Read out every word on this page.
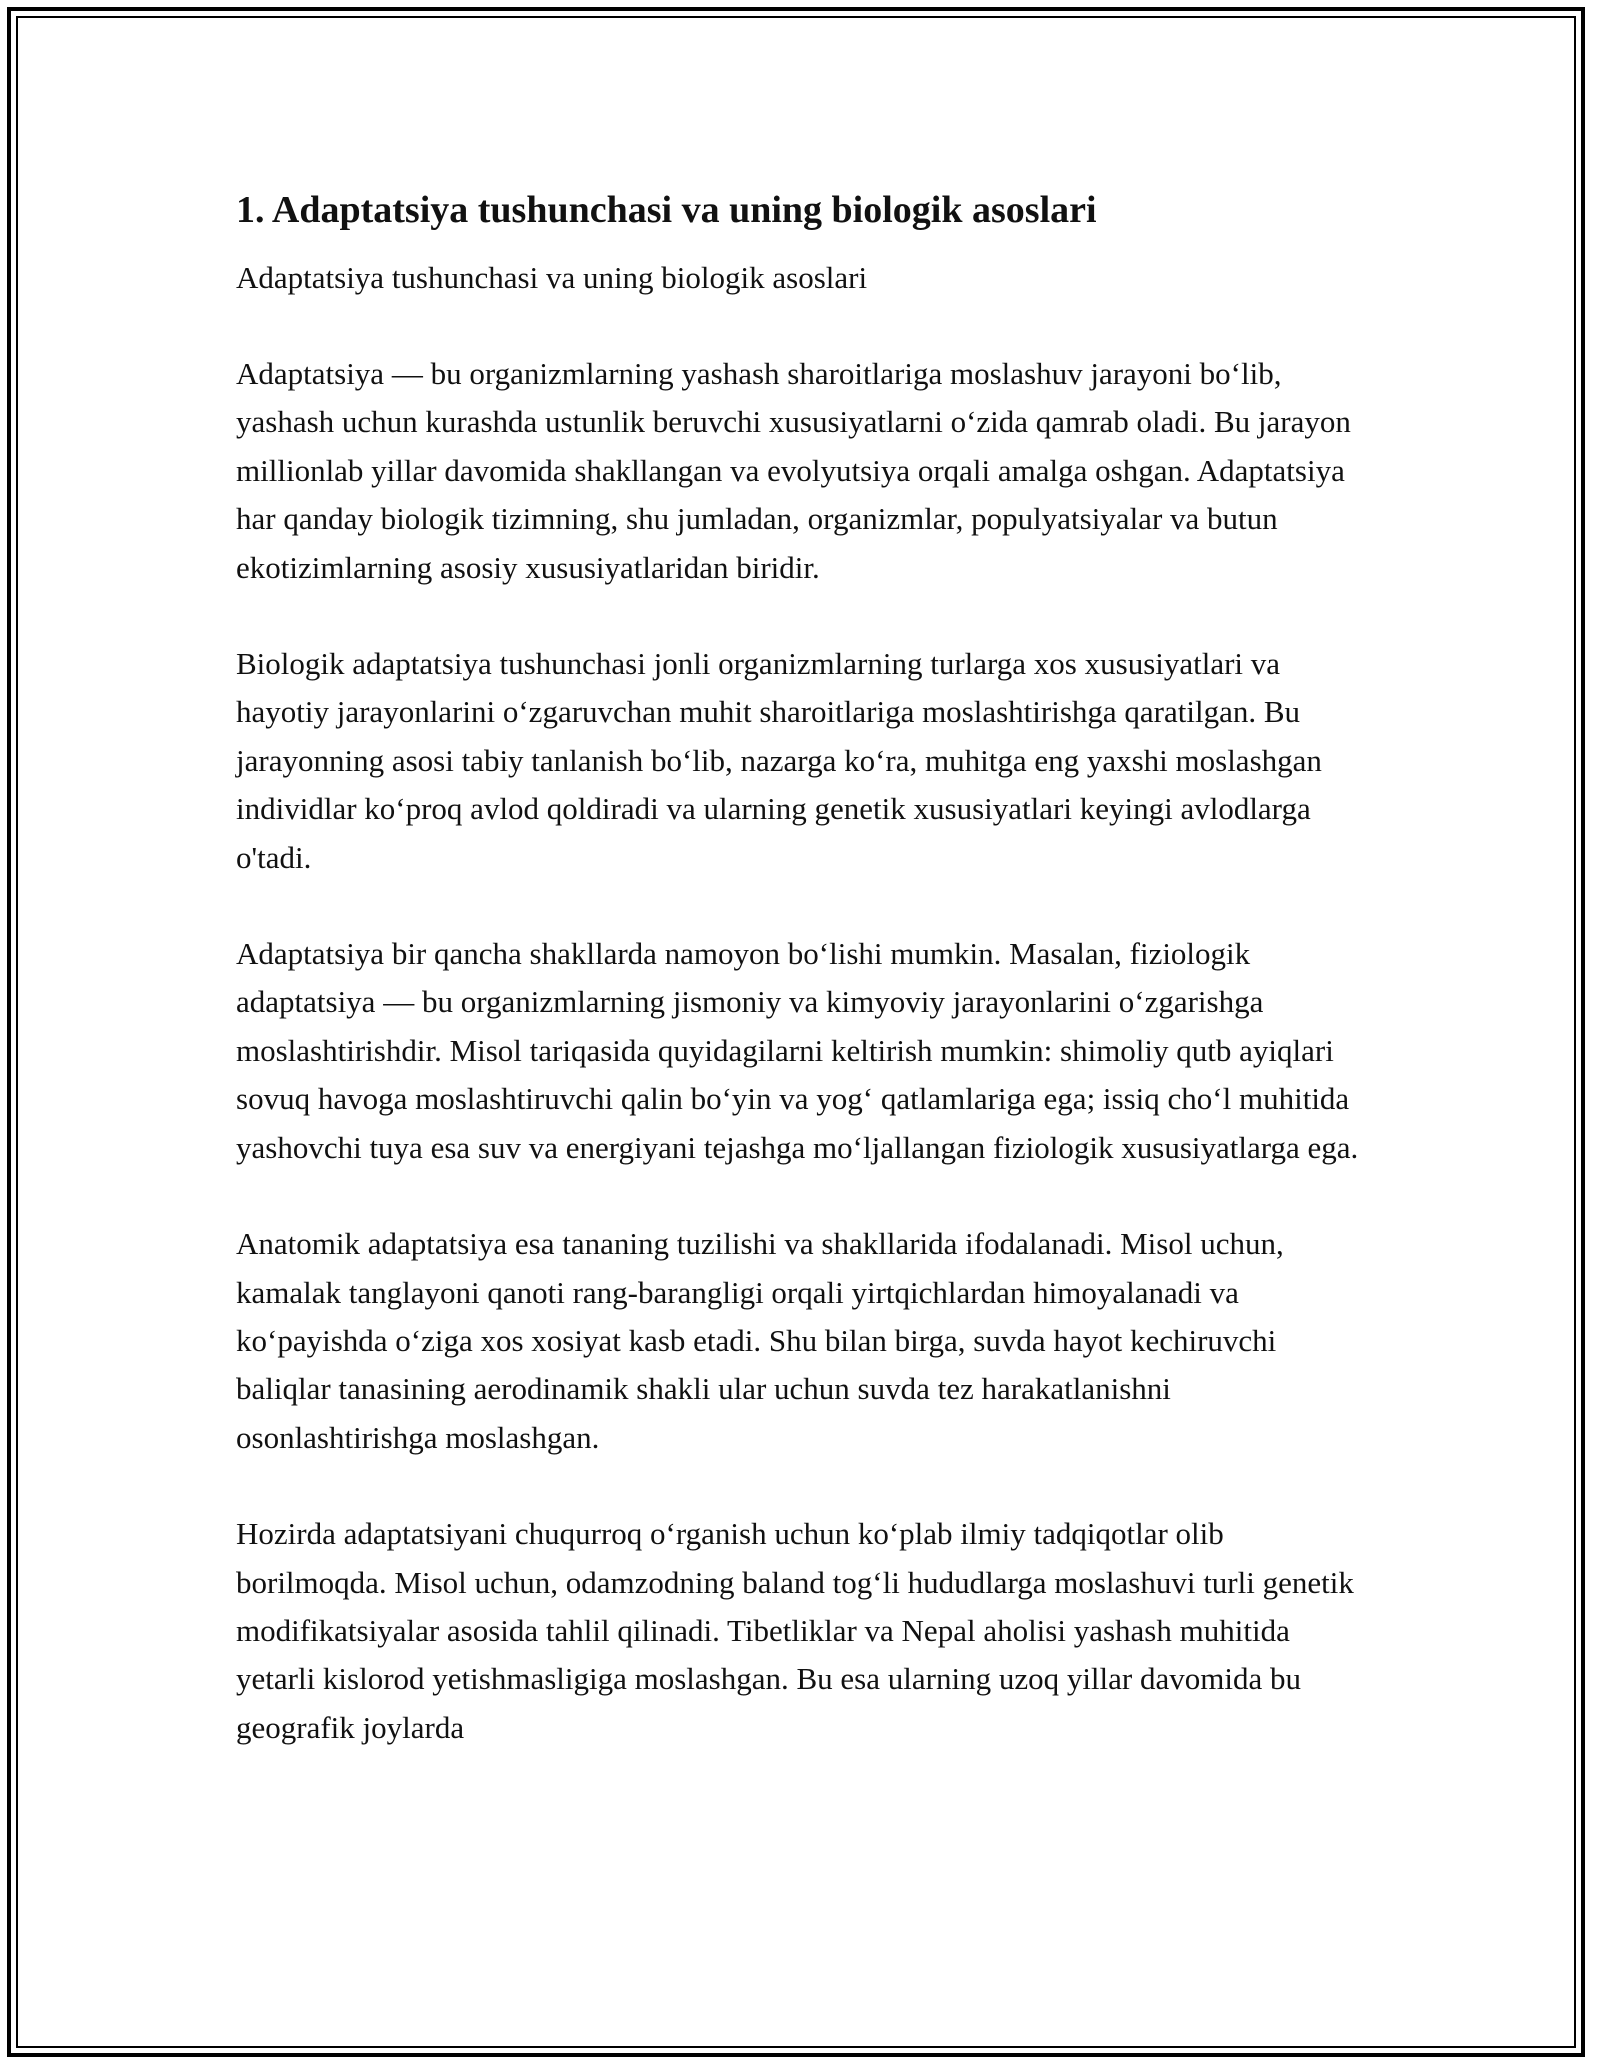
1. Adaptatsiya tushunchasi va uning biologik asoslari

Adaptatsiya tushunchasi va uning biologik asoslari

Adaptatsiya — bu organizmlarning yashash sharoitlariga moslashuv jarayoni bo‘lib, yashash uchun kurashda ustunlik beruvchi xususiyatlarni o‘zida qamrab oladi. Bu jarayon millionlab yillar davomida shakllangan va evolyutsiya orqali amalga oshgan. Adaptatsiya har qanday biologik tizimning, shu jumladan, organizmlar, populyatsiyalar va butun ekotizimlarning asosiy xususiyatlaridan biridir.

Biologik adaptatsiya tushunchasi jonli organizmlarning turlarga xos xususiyatlari va hayotiy jarayonlarini o‘zgaruvchan muhit sharoitlariga moslashtirishga qaratilgan. Bu jarayonning asosi tabiy tanlanish bo‘lib, nazarga ko‘ra, muhitga eng yaxshi moslashgan individlar ko‘proq avlod qoldiradi va ularning genetik xususiyatlari keyingi avlodlarga o'tadi.

Adaptatsiya bir qancha shakllarda namoyon bo‘lishi mumkin. Masalan, fiziologik adaptatsiya — bu organizmlarning jismoniy va kimyoviy jarayonlarini o‘zgarishga moslashtirishdir. Misol tariqasida quyidagilarni keltirish mumkin: shimoliy qutb ayiqlari sovuq havoga moslashtiruvchi qalin bo‘yin va yog‘ qatlamlariga ega; issiq cho‘l muhitida yashovchi tuya esa suv va energiyani tejashga mo‘ljallangan fiziologik xususiyatlarga ega.

Anatomik adaptatsiya esa tananing tuzilishi va shakllarida ifodalanadi. Misol uchun, kamalak tanglayoni qanoti rang-barangligi orqali yirtqichlardan himoyalanadi va ko‘payishda o‘ziga xos xosiyat kasb etadi. Shu bilan birga, suvda hayot kechiruvchi baliqlar tanasining aerodinamik shakli ular uchun suvda tez harakatlanishni osonlashtirishga moslashgan.

Hozirda adaptatsiyani chuqurroq o‘rganish uchun ko‘plab ilmiy tadqiqotlar olib borilmoqda. Misol uchun, odamzodning baland tog‘li hududlarga moslashuvi turli genetik modifikatsiyalar asosida tahlil qilinadi. Tibetliklar va Nepal aholisi yashash muhitida yetarli kislorod yetishmasligiga moslashgan. Bu esa ularning uzoq yillar davomida bu geografik joylarda
